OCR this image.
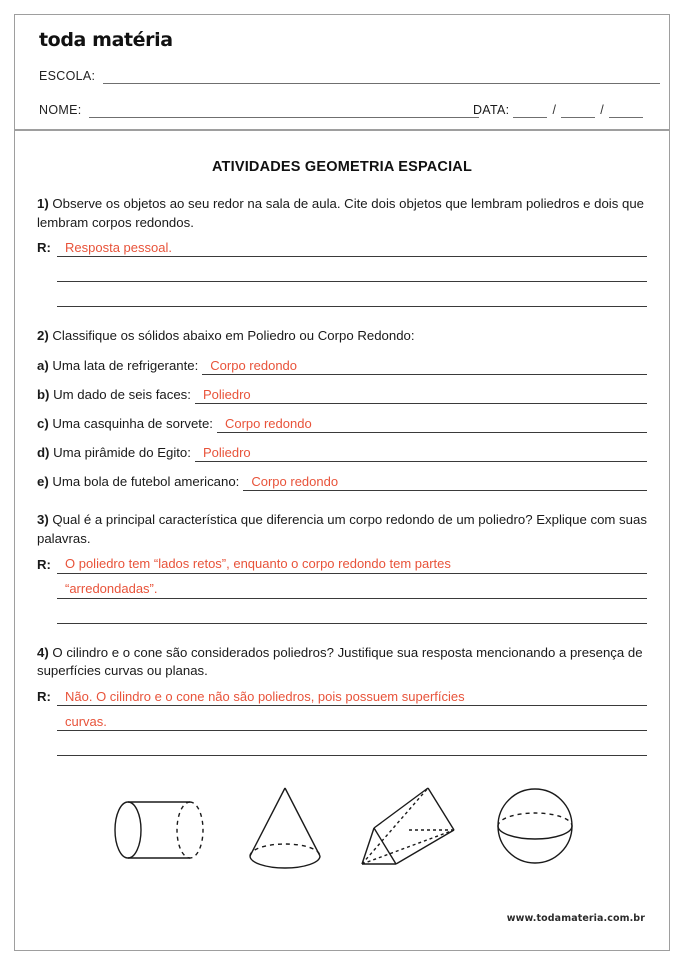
toda matéria
ESCOLA:
NOME:	DATA:	/	/
ATIVIDADES GEOMETRIA ESPACIAL
1) Observe os objetos ao seu redor na sala de aula. Cite dois objetos que lembram poliedros e dois que lembram corpos redondos.
R:	Resposta pessoal.
2) Classifique os sólidos abaixo em Poliedro ou Corpo Redondo:
a) Uma lata de refrigerante: Corpo redondo
b) Um dado de seis faces: Poliedro
c) Uma casquinha de sorvete: Corpo redondo
d) Uma pirâmide do Egito: Poliedro
e) Uma bola de futebol americano: Corpo redondo
3) Qual é a principal característica que diferencia um corpo redondo de um poliedro? Explique com suas palavras.
R:	O poliedro tem “lados retos”, enquanto o corpo redondo tem partes
“arredondadas”.
4) O cilindro e o cone são considerados poliedros? Justifique sua resposta mencionando a presença de superfícies curvas ou planas.
R:	Não. O cilindro e o cone não são poliedros, pois possuem superfícies
curvas.
www.todamateria.com.br
